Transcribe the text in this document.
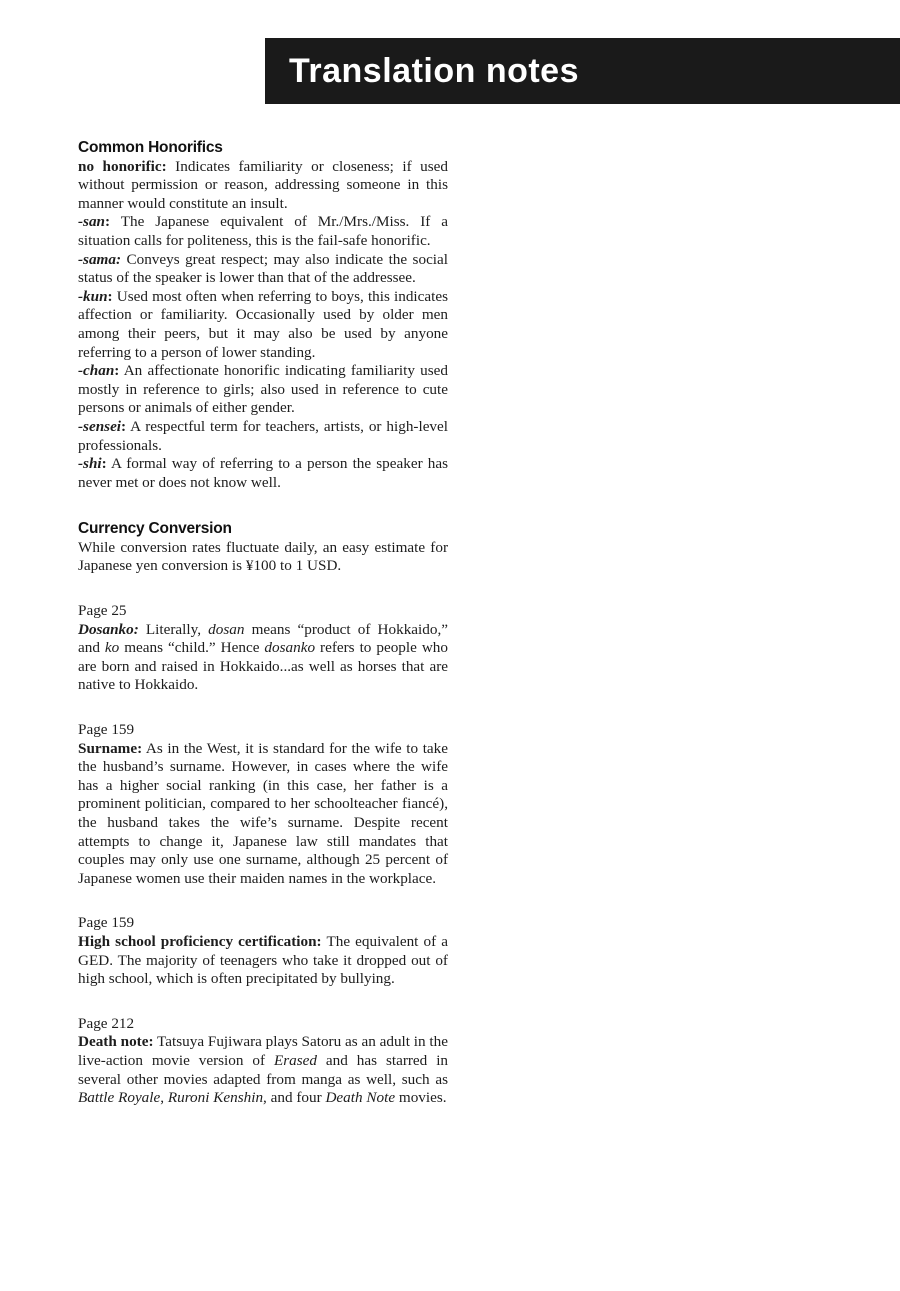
Translation notes
Common Honorifics

no honorific: Indicates familiarity or closeness; if used without permission or reason, addressing someone in this manner would constitute an insult.

-san: The Japanese equivalent of Mr./Mrs./Miss. If a situation calls for politeness, this is the fail-safe honorific.

-sama: Conveys great respect; may also indicate the social status of the speaker is lower than that of the addressee.

-kun: Used most often when referring to boys, this indicates affection or familiarity. Occasionally used by older men among their peers, but it may also be used by anyone referring to a person of lower standing.

-chan: An affectionate honorific indicating familiarity used mostly in reference to girls; also used in reference to cute persons or animals of either gender.

-sensei: A respectful term for teachers, artists, or high-level professionals.

-shi: A formal way of referring to a person the speaker has never met or does not know well.

Currency Conversion

While conversion rates fluctuate daily, an easy estimate for Japanese yen conversion is ¥100 to 1 USD.

Page 25

Dosanko: Literally, dosan means “product of Hokkaido,” and ko means “child.” Hence dosanko refers to people who are born and raised in Hokkaido...as well as horses that are native to Hokkaido.

Page 159

Surname: As in the West, it is standard for the wife to take the husband’s surname. However, in cases where the wife has a higher social ranking (in this case, her father is a prominent politician, compared to her schoolteacher fiancé), the husband takes the wife’s surname. Despite recent attempts to change it, Japanese law still mandates that couples may only use one surname, although 25 percent of Japanese women use their maiden names in the workplace.

Page 159

High school proficiency certification: The equivalent of a GED. The majority of teenagers who take it dropped out of high school, which is often precipitated by bullying.

Page 212

Death note: Tatsuya Fujiwara plays Satoru as an adult in the live-action movie version of Erased and has starred in several other movies adapted from manga as well, such as Battle Royale, Ruroni Kenshin, and four Death Note movies.
